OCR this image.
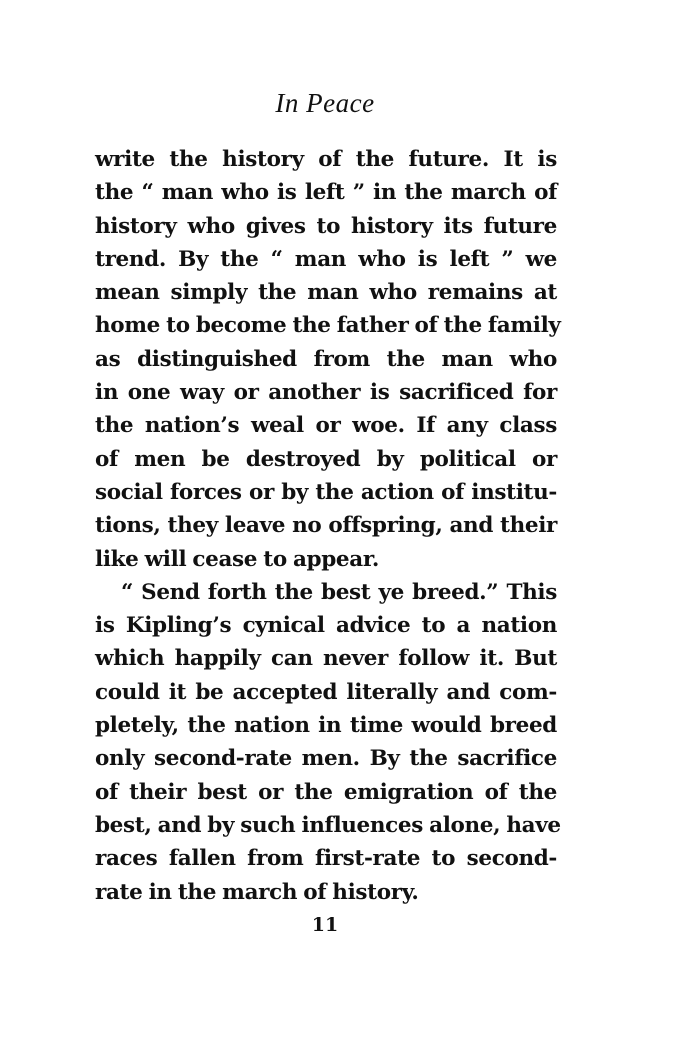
In Peace
write the history of the future. It is
the “ man who is left ” in the march of
history who gives to history its future
trend. By the “ man who is left ” we
mean simply the man who remains at
home to become the father of the family
as distinguished from the man who
in one way or another is sacrificed for
the nation’s weal or woe. If any class
of men be destroyed by political or
social forces or by the action of institu-
tions, they leave no offspring, and their
like will cease to appear.
“ Send forth the best ye breed.” This
is Kipling’s cynical advice to a nation
which happily can never follow it. But
could it be accepted literally and com-
pletely, the nation in time would breed
only second-rate men. By the sacrifice
of their best or the emigration of the
best, and by such influences alone, have
races fallen from first-rate to second-
rate in the march of history.
11
